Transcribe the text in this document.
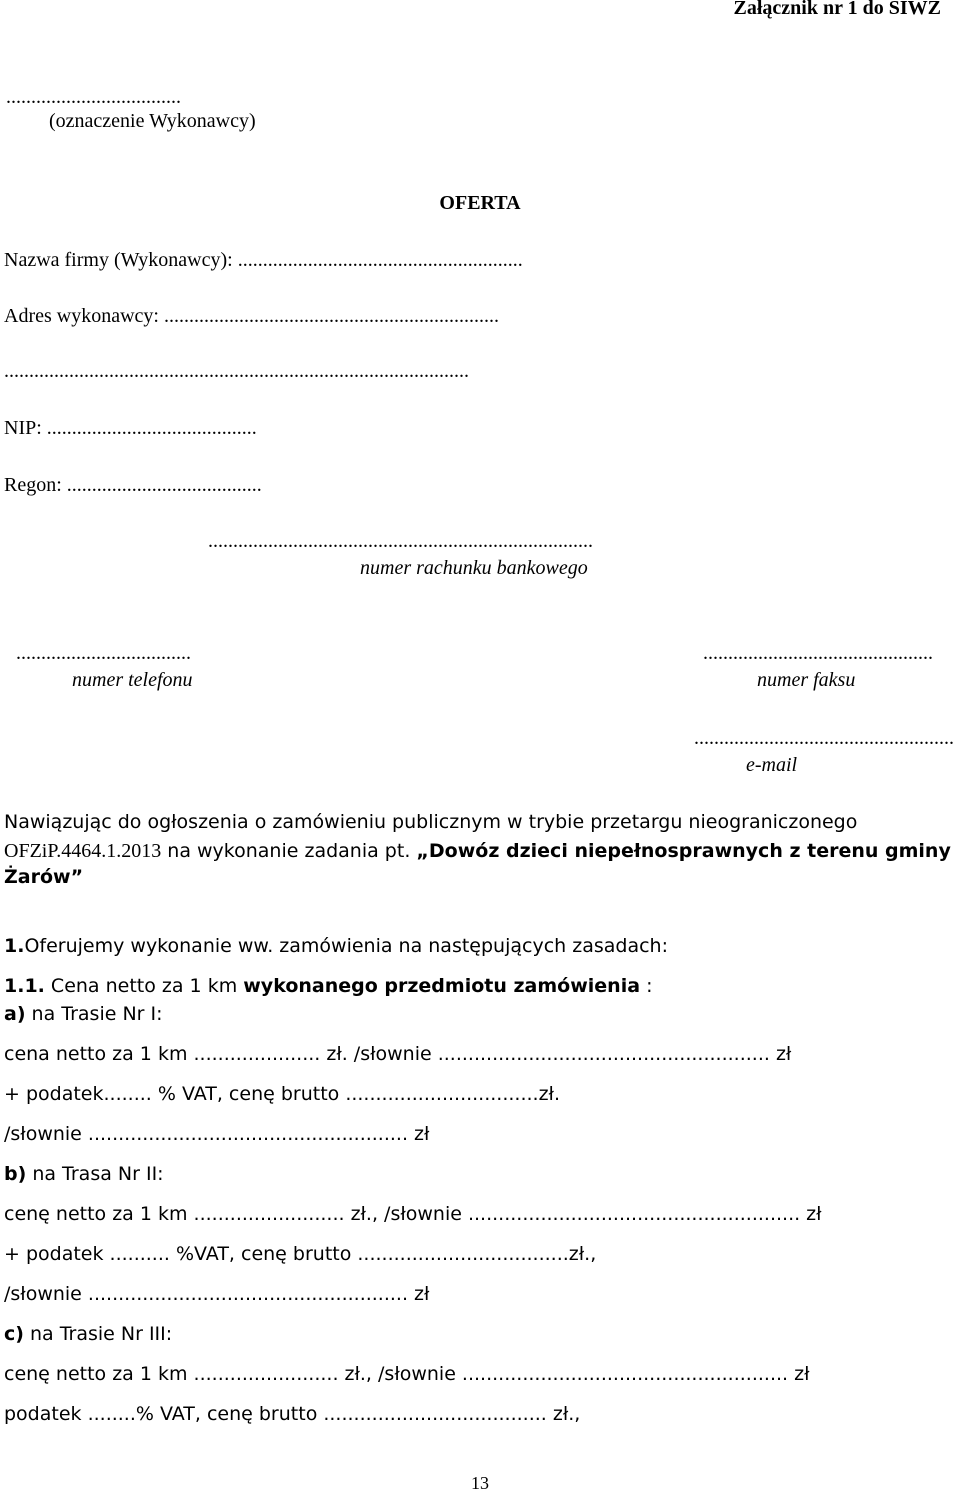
Załącznik nr 1 do SIWZ
...................................
(oznaczenie Wykonawcy)
OFERTA
Nazwa firmy (Wykonawcy): .........................................................
Adres wykonawcy: ...................................................................
.............................................................................................
NIP: ..........................................
Regon: .......................................
.............................................................................
numer rachunku bankowego
...................................
numer telefonu
..............................................
numer faksu
....................................................
e-mail
Nawiązując do ogłoszenia o zamówieniu publicznym w trybie przetargu nieograniczonego
OFZiP.4464.1.2013 na wykonanie zadania pt. „Dowóz dzieci niepełnosprawnych z terenu gminy
Żarów”
1.Oferujemy wykonanie ww. zamówienia na następujących zasadach:
1.1. Cena netto za 1 km wykonanego przedmiotu zamówienia :
a) na Trasie Nr I:
cena netto za 1 km ..................... zł. /słownie ....................................................... zł
+ podatek........ % VAT, cenę brutto ................................zł.
/słownie ..................................................... zł
b) na Trasa Nr II:
cenę netto za 1 km ......................... zł., /słownie ....................................................... zł
+ podatek .......... %VAT, cenę brutto ...................................zł.,
/słownie ..................................................... zł
c) na Trasie Nr III:
cenę netto za 1 km ........................ zł., /słownie ...................................................... zł
podatek ........% VAT, cenę brutto ..................................... zł.,
13
